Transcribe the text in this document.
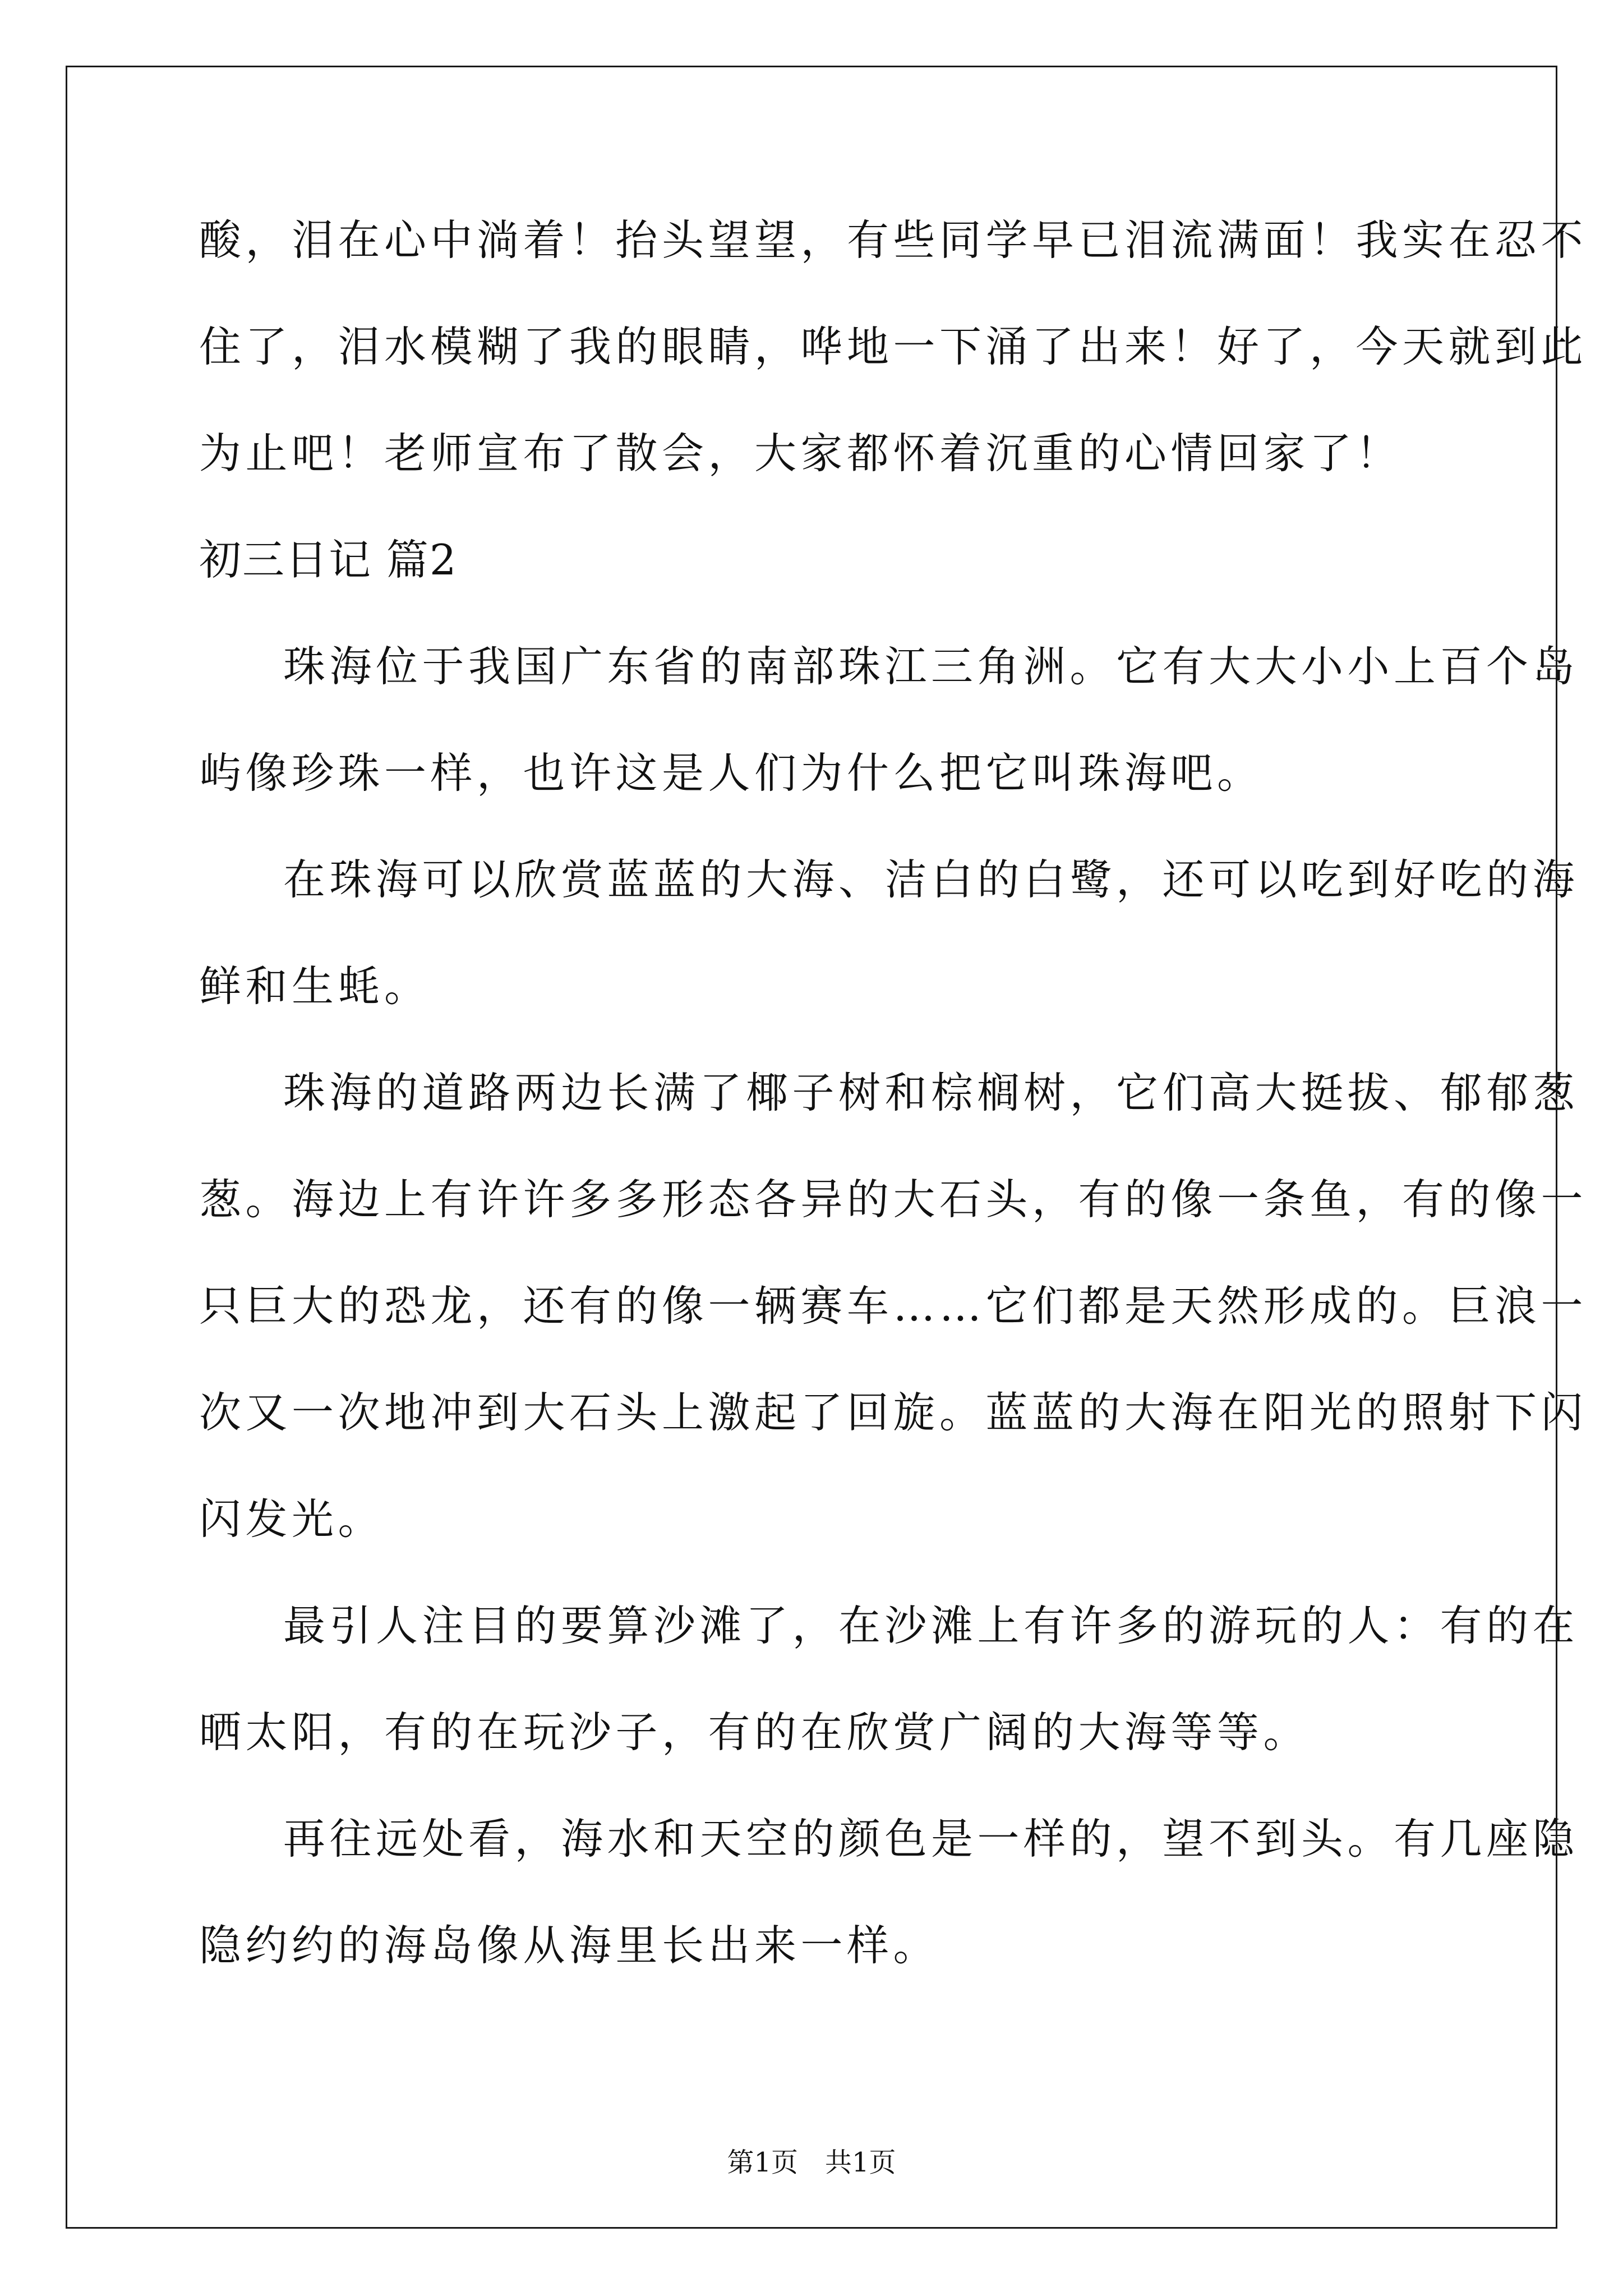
酸，泪在心中淌着！抬头望望，有些同学早已泪流满面！我实在忍不
住了，泪水模糊了我的眼睛，哗地一下涌了出来！好了，今天就到此
为止吧！老师宣布了散会，大家都怀着沉重的心情回家了！
初三日记 篇2
珠海位于我国广东省的南部珠江三角洲。它有大大小小上百个岛
屿像珍珠一样，也许这是人们为什么把它叫珠海吧。
在珠海可以欣赏蓝蓝的大海、洁白的白鹭，还可以吃到好吃的海
鲜和生蚝。
珠海的道路两边长满了椰子树和棕榈树，它们高大挺拔、郁郁葱
葱。海边上有许许多多形态各异的大石头，有的像一条鱼，有的像一
只巨大的恐龙，还有的像一辆赛车……它们都是天然形成的。巨浪一
次又一次地冲到大石头上激起了回旋。蓝蓝的大海在阳光的照射下闪
闪发光。
最引人注目的要算沙滩了，在沙滩上有许多的游玩的人：有的在
晒太阳，有的在玩沙子，有的在欣赏广阔的大海等等。
再往远处看，海水和天空的颜色是一样的，望不到头。有几座隐
隐约约的海岛像从海里长出来一样。
第1页　共1页
